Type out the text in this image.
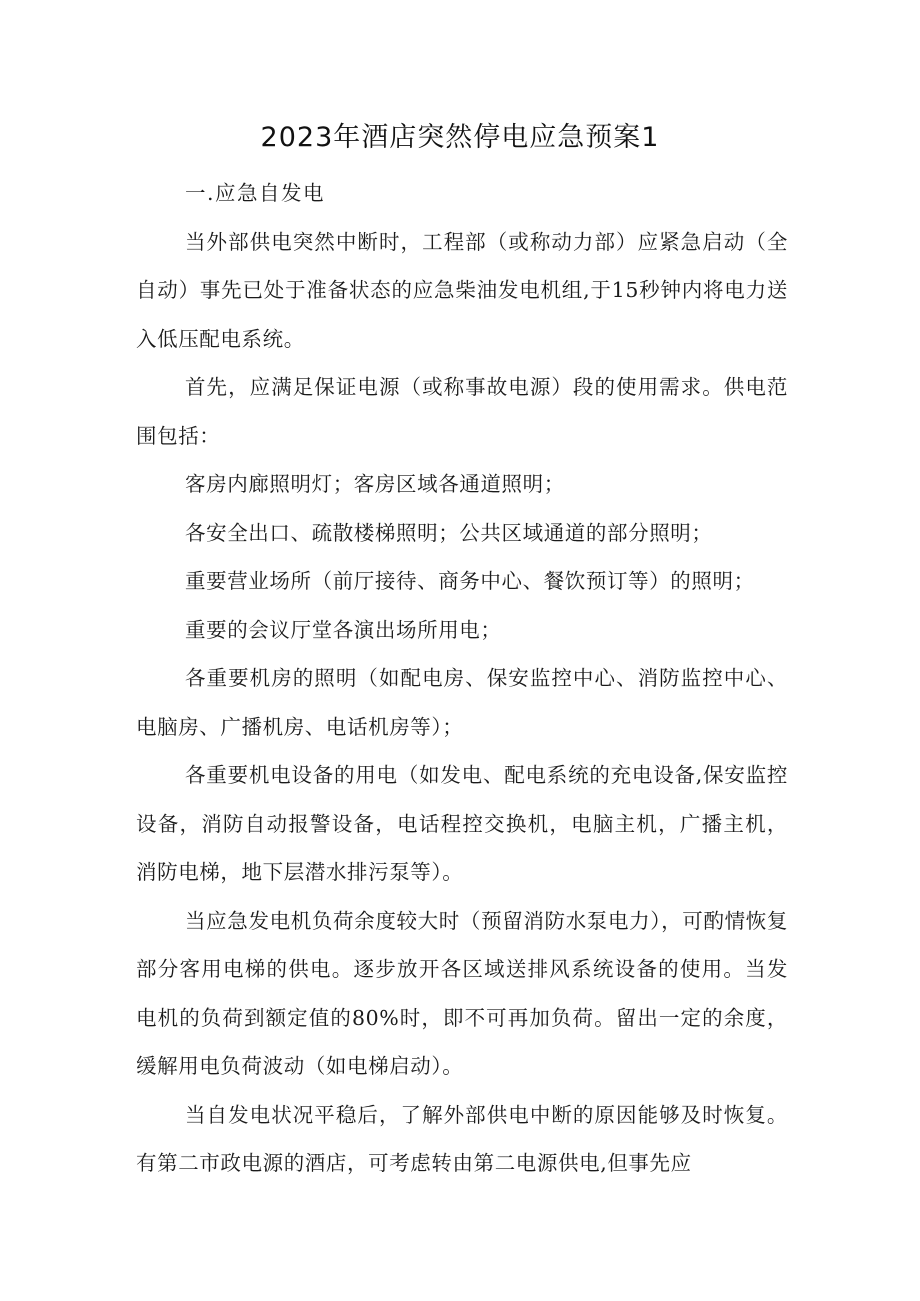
2023年酒店突然停电应急预案1

一.应急自发电

当外部供电突然中断时，工程部（或称动力部）应紧急启动（全自动）事先已处于准备状态的应急柴油发电机组,于15秒钟内将电力送入低压配电系统。

首先，应满足保证电源（或称事故电源）段的使用需求。供电范围包括：

客房内廊照明灯；客房区域各通道照明；

各安全出口、疏散楼梯照明；公共区域通道的部分照明；

重要营业场所（前厅接待、商务中心、餐饮预订等）的照明；

重要的会议厅堂各演出场所用电；

各重要机房的照明（如配电房、保安监控中心、消防监控中心、电脑房、广播机房、电话机房等）；

各重要机电设备的用电（如发电、配电系统的充电设备,保安监控设备，消防自动报警设备，电话程控交换机，电脑主机，广播主机，消防电梯，地下层潜水排污泵等）。

当应急发电机负荷余度较大时（预留消防水泵电力），可酌情恢复部分客用电梯的供电。逐步放开各区域送排风系统设备的使用。当发电机的负荷到额定值的80%时，即不可再加负荷。留出一定的余度，缓解用电负荷波动（如电梯启动）。

当自发电状况平稳后，了解外部供电中断的原因能够及时恢复。有第二市政电源的酒店，可考虑转由第二电源供电,但事先应
